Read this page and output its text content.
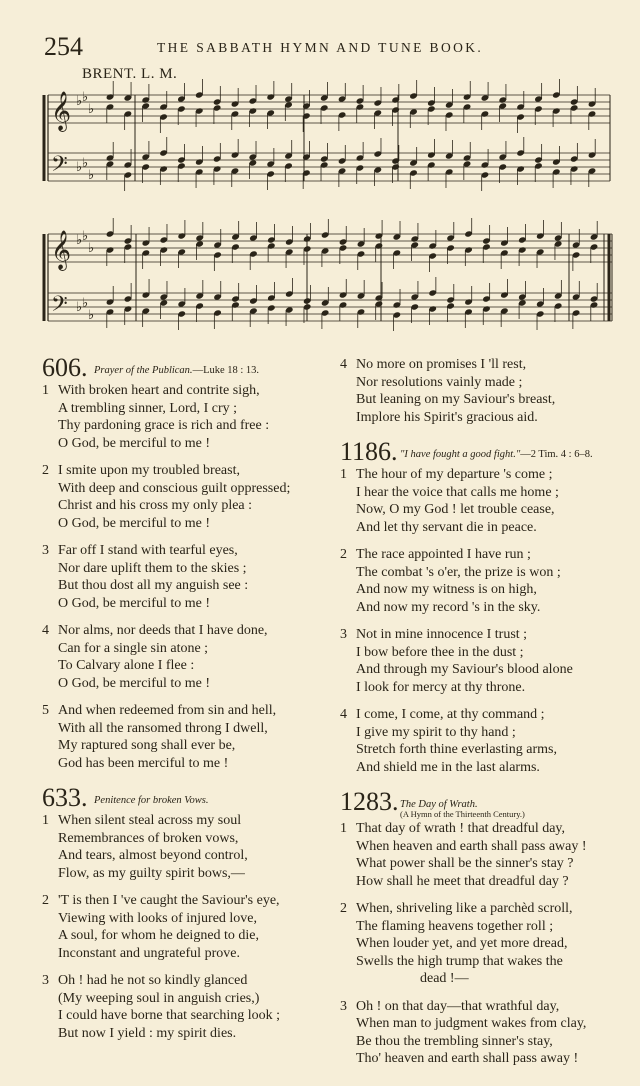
254	THE SABBATH HYMN AND TUNE BOOK.
BRENT. L. M.
𝄞
𝄢
♭
♭
♭
♭
♭
♭
𝄞
𝄢
♭
♭
♭
♭
♭
♭
606. Prayer of the Publican.—Luke 18 : 13.
1 With broken heart and contrite sigh,
A trembling sinner, Lord, I cry ;
Thy pardoning grace is rich and free :
O God, be merciful to me !
2 I smite upon my troubled breast,
With deep and conscious guilt oppressed;
Christ and his cross my only plea :
O God, be merciful to me !
3 Far off I stand with tearful eyes,
Nor dare uplift them to the skies ;
But thou dost all my anguish see :
O God, be merciful to me !
4 Nor alms, nor deeds that I have done,
Can for a single sin atone ;
To Calvary alone I flee :
O God, be merciful to me !
5 And when redeemed from sin and hell,
With all the ransomed throng I dwell,
My raptured song shall ever be,
God has been merciful to me !
633. Penitence for broken Vows.
1 When silent steal across my soul
Remembrances of broken vows,
And tears, almost beyond control,
Flow, as my guilty spirit bows,—
2 'T is then I 've caught the Saviour's eye,
Viewing with looks of injured love,
A soul, for whom he deigned to die,
Inconstant and ungrateful prove.
3 Oh ! had he not so kindly glanced
(My weeping soul in anguish cries,)
I could have borne that searching look ;
But now I yield : my spirit dies.
4 No more on promises I 'll rest,
Nor resolutions vainly made ;
But leaning on my Saviour's breast,
Implore his Spirit's gracious aid.
1186. "I have fought a good fight."—2 Tim. 4 : 6–8.
1 The hour of my departure 's come ;
I hear the voice that calls me home ;
Now, O my God ! let trouble cease,
And let thy servant die in peace.
2 The race appointed I have run ;
The combat 's o'er, the prize is won ;
And now my witness is on high,
And now my record 's in the sky.
3 Not in mine innocence I trust ;
I bow before thee in the dust ;
And through my Saviour's blood alone
I look for mercy at thy throne.
4 I come, I come, at thy command ;
I give my spirit to thy hand ;
Stretch forth thine everlasting arms,
And shield me in the last alarms.
1283. The Day of Wrath.
(A Hymn of the Thirteenth Century.)
1 That day of wrath ! that dreadful day,
When heaven and earth shall pass away !
What power shall be the sinner's stay ?
How shall he meet that dreadful day ?
2 When, shriveling like a parchèd scroll,
The flaming heavens together roll ;
When louder yet, and yet more dread,
Swells the high trump that wakes the
dead !—
3 Oh ! on that day—that wrathful day,
When man to judgment wakes from clay,
Be thou the trembling sinner's stay,
Tho' heaven and earth shall pass away !
